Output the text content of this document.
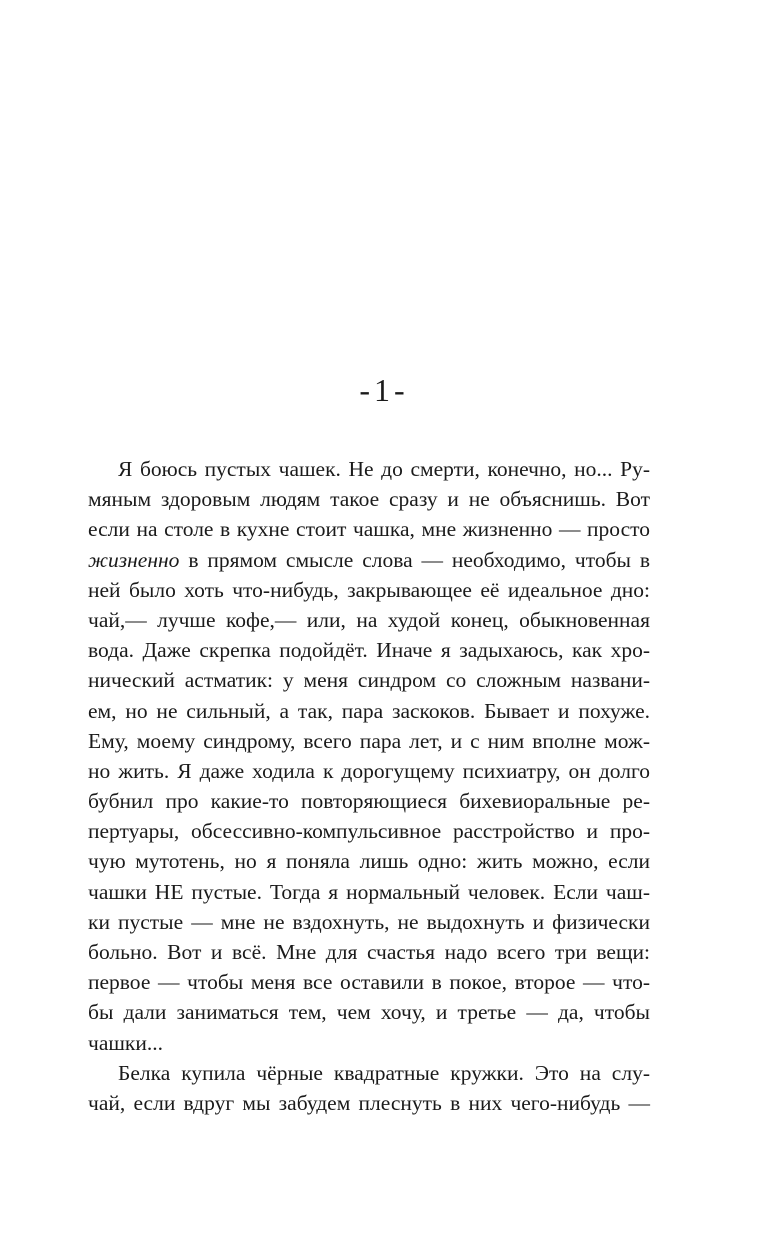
-1-
Я боюсь пустых чашек. Не до смерти, конечно, но... Ру-
мяным здоровым людям такое сразу и не объяснишь. Вот
если на столе в кухне стоит чашка, мне жизненно — просто
жизненно в прямом смысле слова — необходимо, чтобы в
ней было хоть что-нибудь, закрывающее её идеальное дно:
чай,— лучше кофе,— или, на худой конец, обыкновенная
вода. Даже скрепка подойдёт. Иначе я задыхаюсь, как хро-
нический астматик: у меня синдром со сложным названи-
ем, но не сильный, а так, пара заскоков. Бывает и похуже.
Ему, моему синдрому, всего пара лет, и с ним вполне мож-
но жить. Я даже ходила к дорогущему психиатру, он долго
бубнил про какие-то повторяющиеся бихевиоральные ре-
пертуары, обсессивно-компульсивное расстройство и про-
чую мутотень, но я поняла лишь одно: жить можно, если
чашки НЕ пустые. Тогда я нормальный человек. Если чаш-
ки пустые — мне не вздохнуть, не выдохнуть и физически
больно. Вот и всё. Мне для счастья надо всего три вещи:
первое — чтобы меня все оставили в покое, второе — что-
бы дали заниматься тем, чем хочу, и третье — да, чтобы
чашки...
Белка купила чёрные квадратные кружки. Это на слу-
чай, если вдруг мы забудем плеснуть в них чего-нибудь —
